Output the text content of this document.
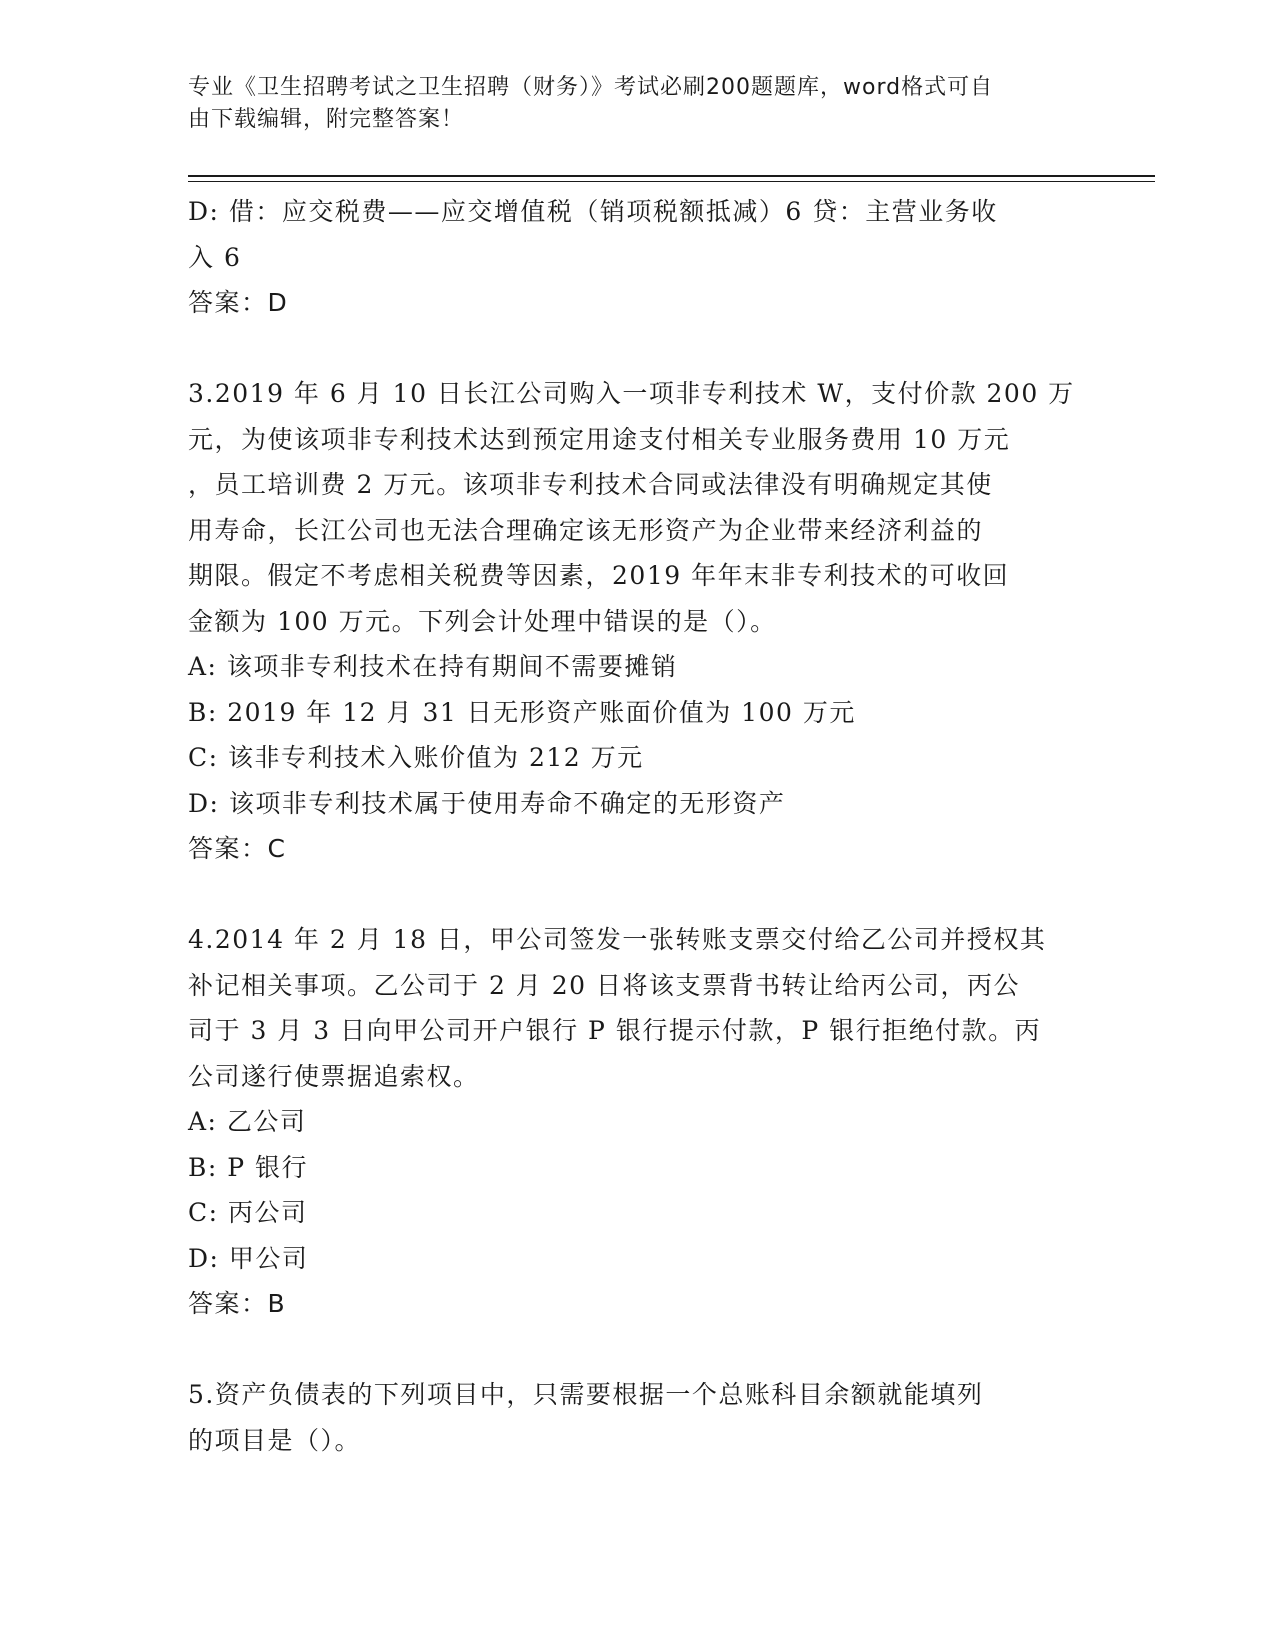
专业《卫生招聘考试之卫生招聘（财务）》考试必刷200题题库，word格式可自
由下载编辑，附完整答案！
D: 借：应交税费——应交增值税（销项税额抵减）6 贷：主营业务收
入 6
答案：D
3.2019 年 6 月 10 日长江公司购入一项非专利技术 W，支付价款 200 万
元，为使该项非专利技术达到预定用途支付相关专业服务费用 10 万元
，员工培训费 2 万元。该项非专利技术合同或法律没有明确规定其使
用寿命，长江公司也无法合理确定该无形资产为企业带来经济利益的
期限。假定不考虑相关税费等因素，2019 年年末非专利技术的可收回
金额为 100 万元。下列会计处理中错误的是（）。
A: 该项非专利技术在持有期间不需要摊销
B: 2019 年 12 月 31 日无形资产账面价值为 100 万元
C: 该非专利技术入账价值为 212 万元
D: 该项非专利技术属于使用寿命不确定的无形资产
答案：C
4.2014 年 2 月 18 日，甲公司签发一张转账支票交付给乙公司并授权其
补记相关事项。乙公司于 2 月 20 日将该支票背书转让给丙公司，丙公
司于 3 月 3 日向甲公司开户银行 P 银行提示付款，P 银行拒绝付款。丙
公司遂行使票据追索权。
A: 乙公司
B: P 银行
C: 丙公司
D: 甲公司
答案：B
5.资产负债表的下列项目中，只需要根据一个总账科目余额就能填列
的项目是（）。
